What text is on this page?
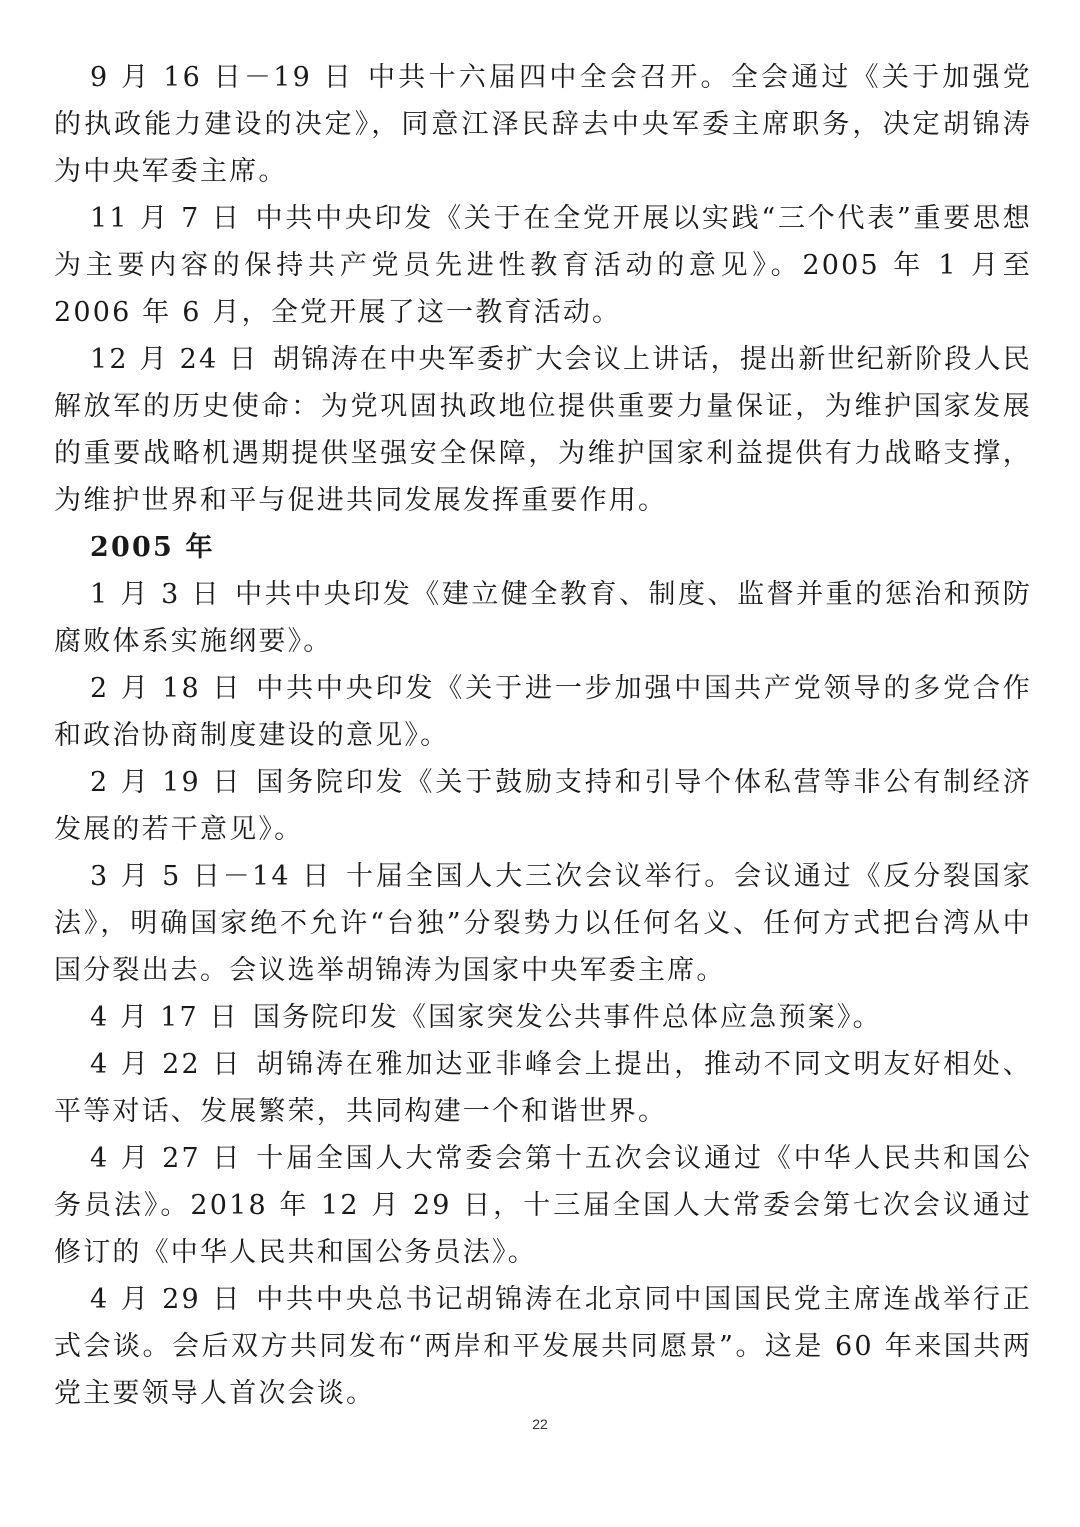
9 月 16 日－19 日 中共十六届四中全会召开。全会通过《关于加强党的执政能力建设的决定》，同意江泽民辞去中央军委主席职务，决定胡锦涛为中央军委主席。

11 月 7 日 中共中央印发《关于在全党开展以实践“三个代表”重要思想为主要内容的保持共产党员先进性教育活动的意见》。2005 年 1 月至 2006 年 6 月，全党开展了这一教育活动。

12 月 24 日 胡锦涛在中央军委扩大会议上讲话，提出新世纪新阶段人民解放军的历史使命：为党巩固执政地位提供重要力量保证，为维护国家发展的重要战略机遇期提供坚强安全保障，为维护国家利益提供有力战略支撑，为维护世界和平与促进共同发展发挥重要作用。

2005 年

1 月 3 日 中共中央印发《建立健全教育、制度、监督并重的惩治和预防腐败体系实施纲要》。

2 月 18 日 中共中央印发《关于进一步加强中国共产党领导的多党合作和政治协商制度建设的意见》。

2 月 19 日 国务院印发《关于鼓励支持和引导个体私营等非公有制经济发展的若干意见》。

3 月 5 日－14 日 十届全国人大三次会议举行。会议通过《反分裂国家法》，明确国家绝不允许“台独”分裂势力以任何名义、任何方式把台湾从中国分裂出去。会议选举胡锦涛为国家中央军委主席。

4 月 17 日 国务院印发《国家突发公共事件总体应急预案》。

4 月 22 日 胡锦涛在雅加达亚非峰会上提出，推动不同文明友好相处、平等对话、发展繁荣，共同构建一个和谐世界。

4 月 27 日 十届全国人大常委会第十五次会议通过《中华人民共和国公务员法》。2018 年 12 月 29 日，十三届全国人大常委会第七次会议通过修订的《中华人民共和国公务员法》。

4 月 29 日 中共中央总书记胡锦涛在北京同中国国民党主席连战举行正式会谈。会后双方共同发布“两岸和平发展共同愿景”。这是 60 年来国共两党主要领导人首次会谈。

22
